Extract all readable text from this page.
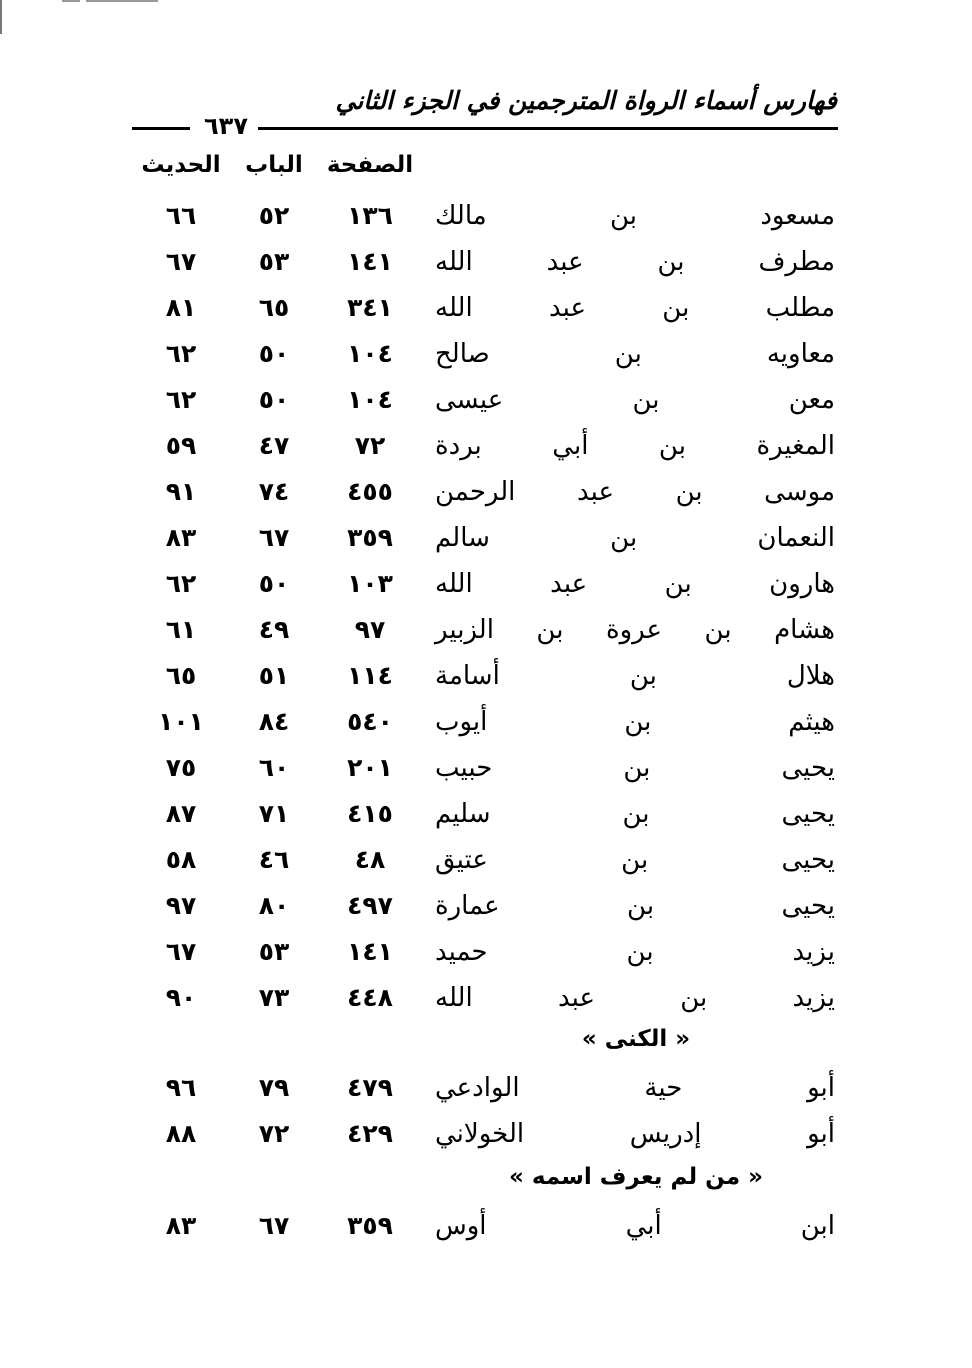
فهارس أسماء الرواة المترجمين في الجزء الثاني
٦٣٧
الصفحة
الباب
الحديث
مسعود بن مالك
١٣٦
٥٢
٦٦
مطرف بن عبد الله
١٤١
٥٣
٦٧
مطلب بن عبد الله
٣٤١
٦٥
٨١
معاويه بن صالح
١٠٤
٥٠
٦٢
معن بن عيسى
١٠٤
٥٠
٦٢
المغيرة بن أبي بردة
٧٢
٤٧
٥٩
موسى بن عبد الرحمن
٤٥٥
٧٤
٩١
النعمان بن سالم
٣٥٩
٦٧
٨٣
هارون بن عبد الله
١٠٣
٥٠
٦٢
هشام بن عروة بن الزبير
٩٧
٤٩
٦١
هلال بن أسامة
١١٤
٥١
٦٥
هيثم بن أيوب
٥٤٠
٨٤
١٠١
يحيى بن حبيب
٢٠١
٦٠
٧٥
يحيى بن سليم
٤١٥
٧١
٨٧
يحيى بن عتيق
٤٨
٤٦
٥٨
يحيى بن عمارة
٤٩٧
٨٠
٩٧
يزيد بن حميد
١٤١
٥٣
٦٧
يزيد بن عبد الله
٤٤٨
٧٣
٩٠
« الكنى »
أبو حية الوادعي
٤٧٩
٧٩
٩٦
أبو إدريس الخولاني
٤٢٩
٧٢
٨٨
« من لم يعرف اسمه »
ابن أبي أوس
٣٥٩
٦٧
٨٣
